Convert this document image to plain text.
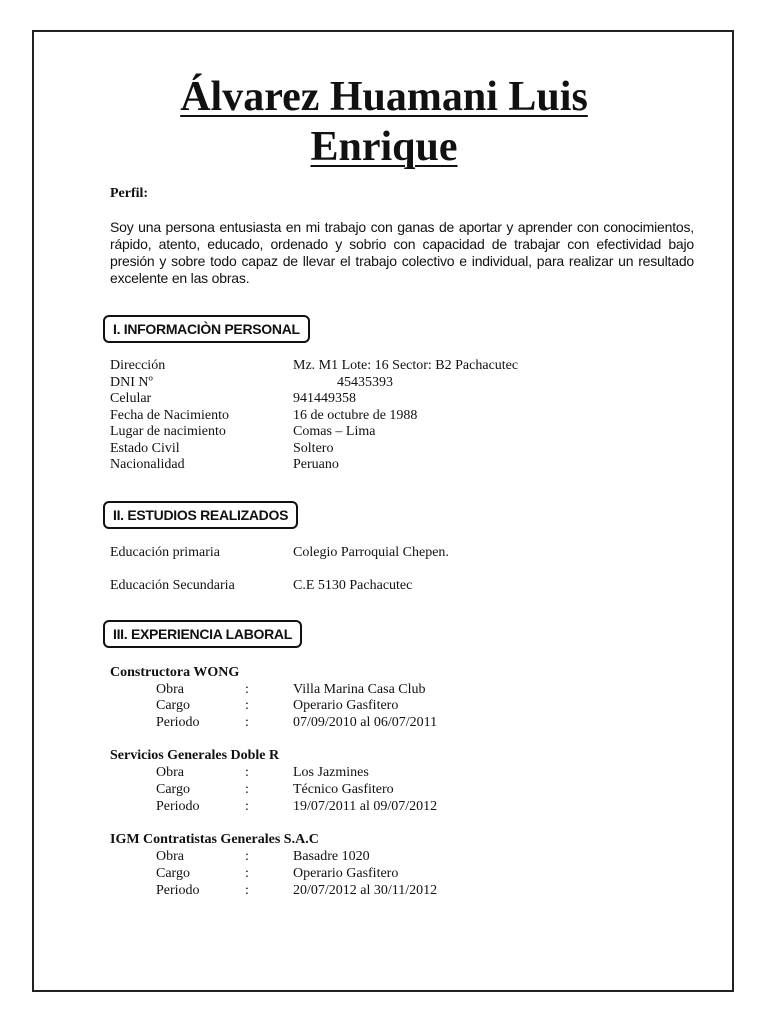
Álvarez Huamani Luis
Enrique
Perfil:
Soy una persona entusiasta en mi trabajo con ganas de aportar y aprender con conocimientos, rápido, atento, educado, ordenado y sobrio con capacidad de trabajar con efectividad bajo presión y sobre todo capaz de llevar el trabajo colectivo e individual, para realizar un resultado excelente en las obras.
I. INFORMACIÒN PERSONAL
Dirección	Mz. M1 Lote: 16 Sector: B2 Pachacutec
DNI Nº	45435393
Celular	941449358
Fecha de Nacimiento	16 de octubre de 1988
Lugar de nacimiento	Comas – Lima
Estado Civil	Soltero
Nacionalidad	Peruano
II. ESTUDIOS REALIZADOS
Educación primaria	Colegio Parroquial Chepen.
Educación Secundaria	C.E 5130 Pachacutec
III. EXPERIENCIA LABORAL
Constructora WONG
Obra	:	Villa Marina Casa Club
Cargo	:	Operario Gasfitero
Periodo	:	07/09/2010 al 06/07/2011
Servicios Generales Doble R
Obra	:	Los Jazmines
Cargo	:	Técnico Gasfitero
Periodo	:	19/07/2011 al 09/07/2012
IGM Contratistas Generales S.A.C
Obra	:	Basadre 1020
Cargo	:	Operario Gasfitero
Periodo	:	20/07/2012 al 30/11/2012
